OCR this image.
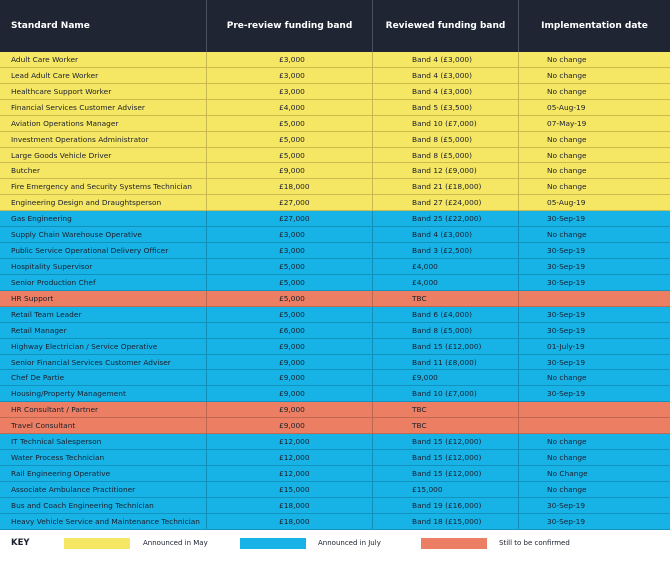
Standard Name	Pre-review funding band	Reviewed funding band	Implementation date
Adult Care Worker	£3,000	Band 4 (£3,000)	No change
Lead Adult Care Worker	£3,000	Band 4 (£3,000)	No change
Healthcare Support Worker	£3,000	Band 4 (£3,000)	No change
Financial Services Customer Adviser	£4,000	Band 5 (£3,500)	05-Aug-19
Aviation Operations Manager	£5,000	Band 10 (£7,000)	07-May-19
Investment Operations Administrator	£5,000	Band 8 (£5,000)	No change
Large Goods Vehicle Driver	£5,000	Band 8 (£5,000)	No change
Butcher	£9,000	Band 12 (£9,000)	No change
Fire Emergency and Security Systems Technician	£18,000	Band 21 (£18,000)	No change
Engineering Design and Draughtsperson	£27,000	Band 27 (£24,000)	05-Aug-19
Gas Engineering	£27,000	Band 25 (£22,000)	30-Sep-19
Supply Chain Warehouse Operative	£3,000	Band 4 (£3,000)	No change
Public Service Operational Delivery Officer	£3,000	Band 3 (£2,500)	30-Sep-19
Hospitality Supervisor	£5,000	£4,000	30-Sep-19
Senior Production Chef	£5,000	£4,000	30-Sep-19
HR Support	£5,000	TBC
Retail Team Leader	£5,000	Band 6 (£4,000)	30-Sep-19
Retail Manager	£6,000	Band 8 (£5,000)	30-Sep-19
Highway Electrician / Service Operative	£9,000	Band 15 (£12,000)	01-July-19
Senior Financial Services Customer Adviser	£9,000	Band 11 (£8,000)	30-Sep-19
Chef De Partie	£9,000	£9,000	No change
Housing/Property Management	£9,000	Band 10 (£7,000)	30-Sep-19
HR Consultant / Partner	£9,000	TBC
Travel Consultant	£9,000	TBC
IT Technical Salesperson	£12,000	Band 15 (£12,000)	No change
Water Process Technician	£12,000	Band 15 (£12,000)	No change
Rail Engineering Operative	£12,000	Band 15 (£12,000)	No Change
Associate Ambulance Practitioner	£15,000	£15,000	No change
Bus and Coach Engineering Technician	£18,000	Band 19 (£16,000)	30-Sep-19
Heavy Vehicle Service and Maintenance Technician	£18,000	Band 18 (£15,000)	30-Sep-19
KEY	Announced in May	Announced in July	Still to be confirmed
